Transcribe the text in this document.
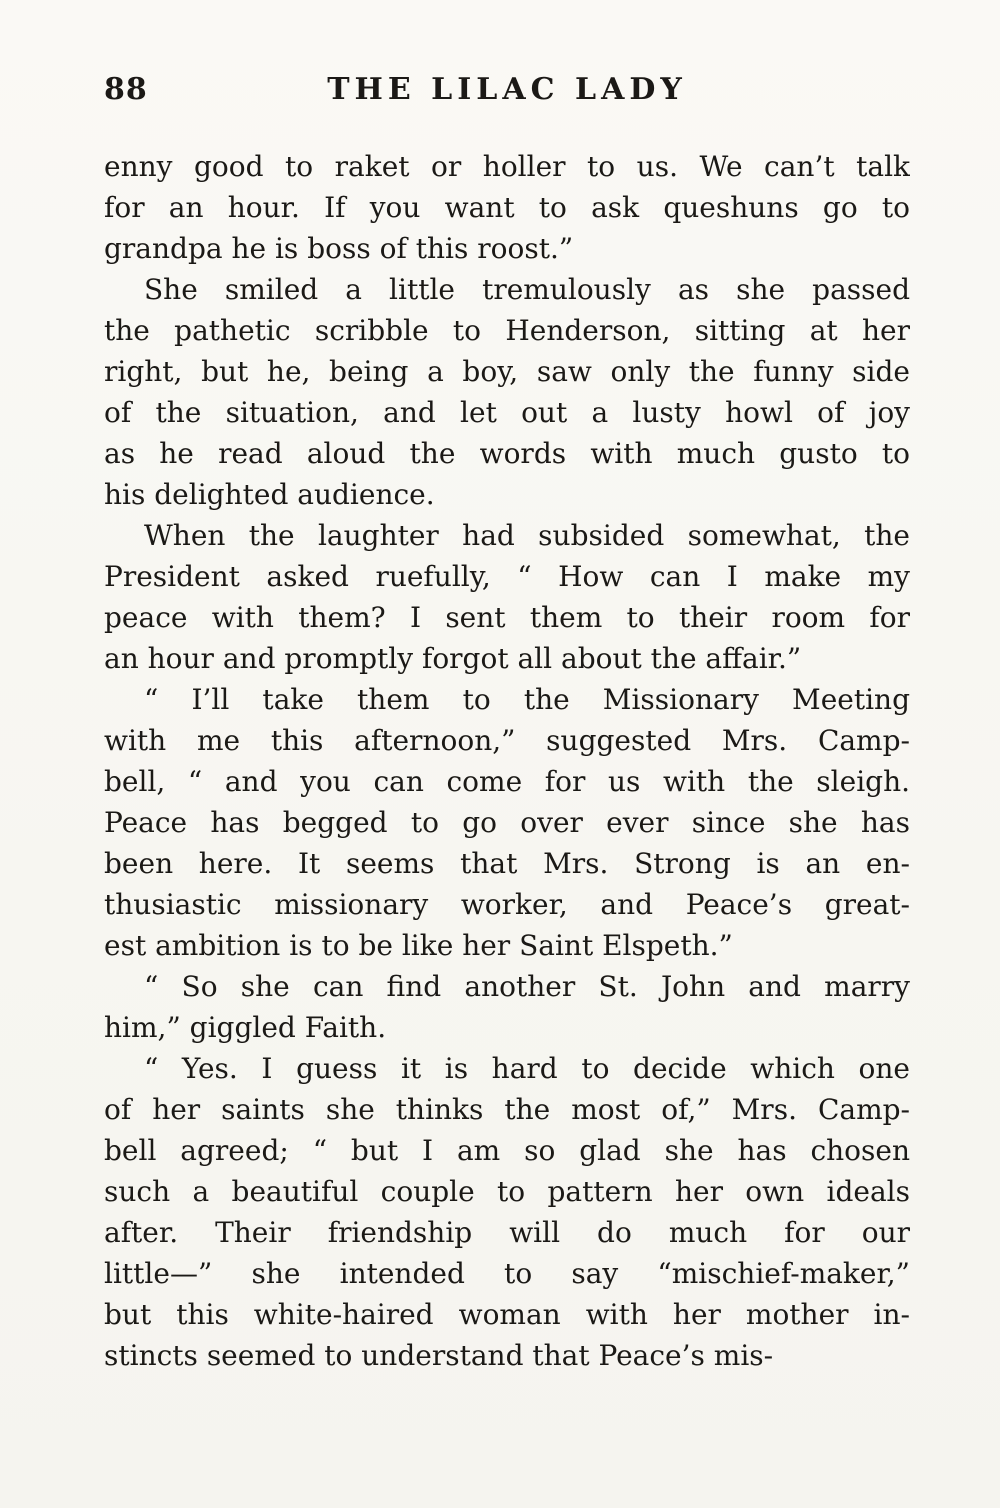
88	THE LILAC LADY
enny good to raket or holler to us. We can’t talk
for an hour. If you want to ask queshuns go to
grandpa he is boss of this roost.”
She smiled a little tremulously as she passed
the pathetic scribble to Henderson, sitting at her
right, but he, being a boy, saw only the funny side
of the situation, and let out a lusty howl of joy
as he read aloud the words with much gusto to
his delighted audience.
When the laughter had subsided somewhat, the
President asked ruefully, “ How can I make my
peace with them? I sent them to their room for
an hour and promptly forgot all about the affair.”
“ I’ll take them to the Missionary Meeting
with me this afternoon,” suggested Mrs. Camp-
bell, “ and you can come for us with the sleigh.
Peace has begged to go over ever since she has
been here. It seems that Mrs. Strong is an en-
thusiastic missionary worker, and Peace’s great-
est ambition is to be like her Saint Elspeth.”
“ So she can find another St. John and marry
him,” giggled Faith.
“ Yes. I guess it is hard to decide which one
of her saints she thinks the most of,” Mrs. Camp-
bell agreed; “ but I am so glad she has chosen
such a beautiful couple to pattern her own ideals
after. Their friendship will do much for our
little—” she intended to say “mischief-maker,”
but this white-haired woman with her mother in-
stincts seemed to understand that Peace’s mis-
